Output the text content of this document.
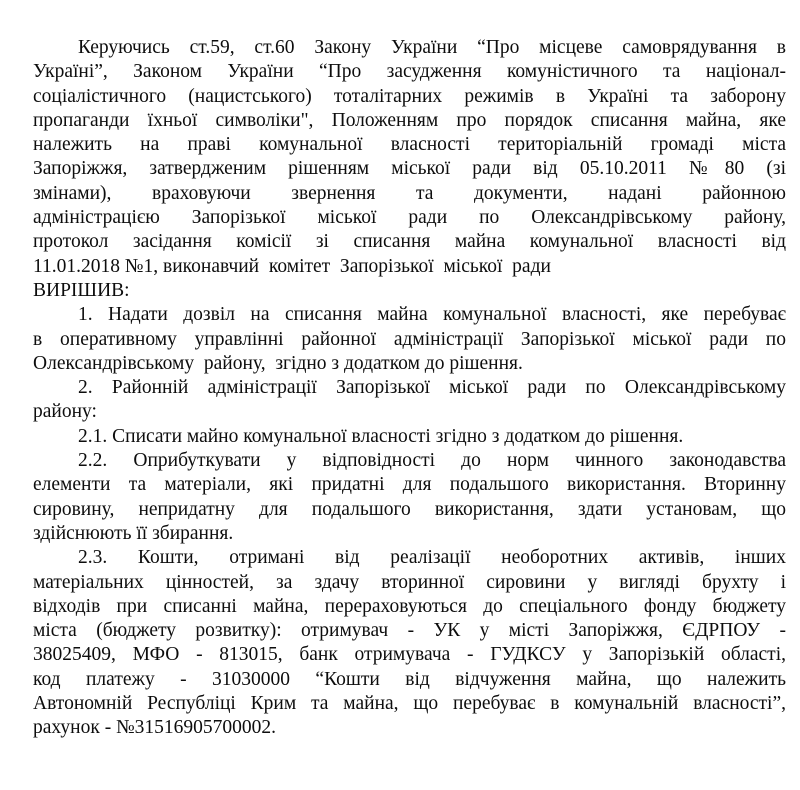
Керуючись ст.59, ст.60 Закону України “Про місцеве самоврядування в
Україні”, Законом України “Про засудження комуністичного та націонал-
соціалістичного (нацистського) тоталітарних режимів в Україні та заборону
пропаганди їхньої символіки", Положенням про порядок списання майна, яке
належить на праві комунальної власності територіальній громаді міста
Запоріжжя, затвердженим рішенням міської ради від 05.10.2011 №80 (зі
змінами), враховуючи звернення та документи, надані районною
адміністрацією Запорізької міської ради по Олександрівському району,
протокол засідання комісії зі списання майна комунальної власності від
11.01.2018 №1, виконавчий  комітет  Запорізької  міської  ради
ВИРІШИВ:
1. Надати дозвіл на списання майна комунальної власності, яке перебуває
в оперативному управлінні районної адміністрації Запорізької міської ради по
Олександрівському  району,  згідно з додатком до рішення.
2. Районній адміністрації Запорізької міської ради по Олександрівському
району:
2.1. Списати майно комунальної власності згідно з додатком до рішення.
2.2. Оприбуткувати у відповідності до норм чинного законодавства
елементи та матеріали, які придатні для подальшого використання. Вторинну
сировину, непридатну для подальшого використання, здати установам, що
здійснюють її збирання.
2.3. Кошти, отримані від реалізації необоротних активів, інших
матеріальних цінностей, за здачу вторинної сировини у вигляді брухту і
відходів при списанні майна, перераховуються до спеціального фонду бюджету
міста (бюджету розвитку): отримувач - УК у місті Запоріжжя, ЄДРПОУ -
38025409, МФО - 813015, банк отримувача - ГУДКСУ у Запорізькій області,
код платежу - 31030000 “Кошти від відчуження майна, що належить
Автономній Республіці Крим та майна, що перебуває в комунальній власності”,
рахунок - №31516905700002.
